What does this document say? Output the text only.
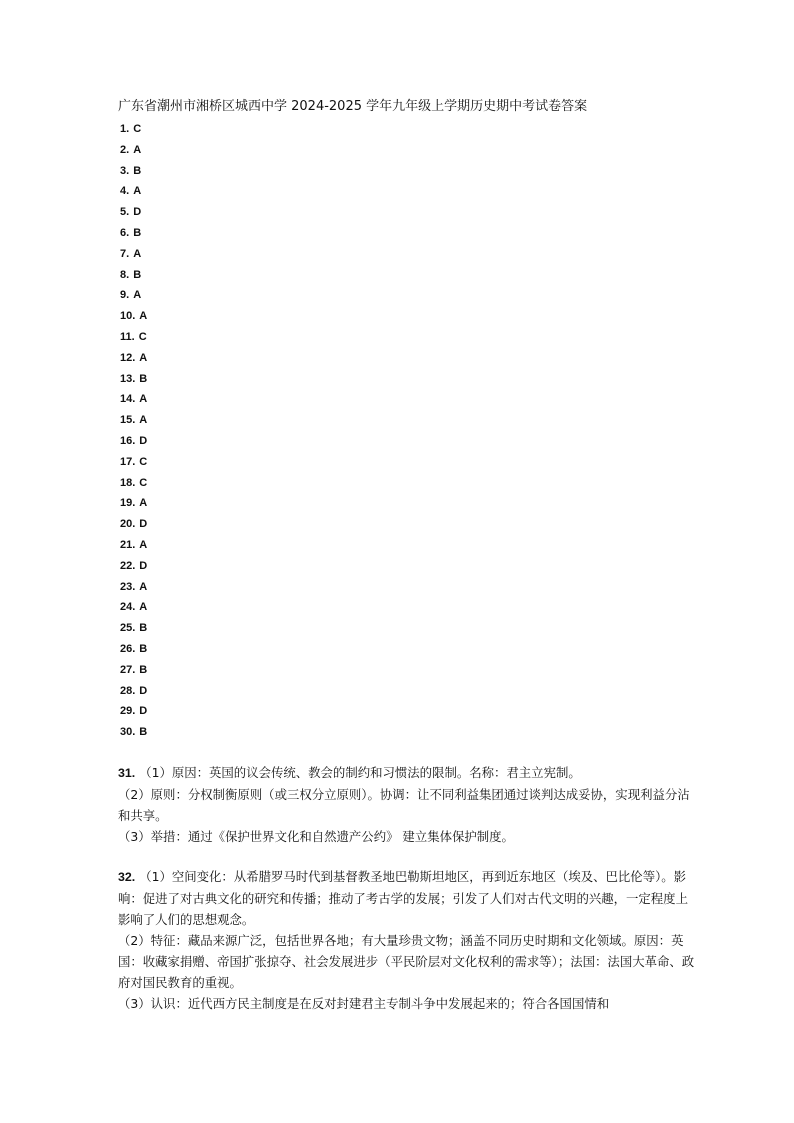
广东省潮州市湘桥区城西中学 2024-2025 学年九年级上学期历史期中考试卷答案
1. C
2. A
3. B
4. A
5. D
6. B
7. A
8. B
9. A
10. A
11. C
12. A
13. B
14. A
15. A
16. D
17. C
18. C
19. A
20. D
21. A
22. D
23. A
24. A
25. B
26. B
27. B
28. D
29. D
30. B

31. （1）原因：英国的议会传统、教会的制约和习惯法的限制。名称：君主立宪制。

（2）原则：分权制衡原则（或三权分立原则）。协调：让不同利益集团通过谈判达成妥协，实现利益分沾和共享。

（3）举措：通过《保护世界文化和自然遗产公约》 建立集体保护制度。

32. （1）空间变化：从希腊罗马时代到基督教圣地巴勒斯坦地区，再到近东地区（埃及、巴比伦等）。影响：促进了对古典文化的研究和传播；推动了考古学的发展；引发了人们对古代文明的兴趣，一定程度上影响了人们的思想观念。

（2）特征：藏品来源广泛，包括世界各地；有大量珍贵文物；涵盖不同历史时期和文化领域。原因：英国：收藏家捐赠、帝国扩张掠夺、社会发展进步（平民阶层对文化权利的需求等）；法国：法国大革命、政府对国民教育的重视。

（3）认识：近代西方民主制度是在反对封建君主专制斗争中发展起来的；符合各国国情和
